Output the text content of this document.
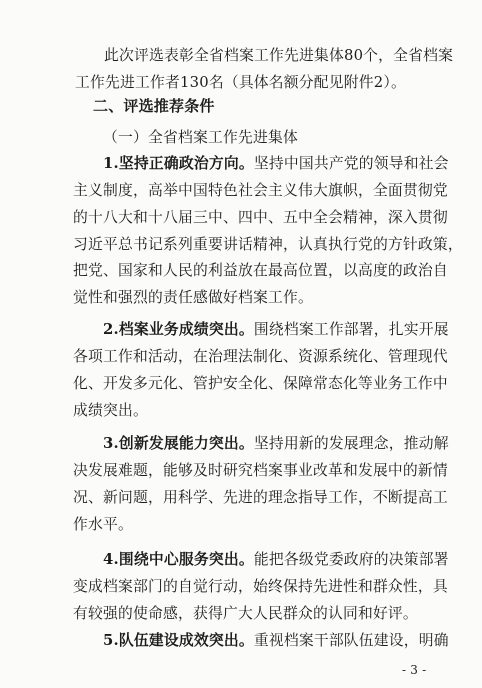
此次评选表彰全省档案工作先进集体80个，全省档案
工作先进工作者130名（具体名额分配见附件2）。
二、评选推荐条件
（一）全省档案工作先进集体
1.坚持正确政治方向。坚持中国共产党的领导和社会
主义制度，高举中国特色社会主义伟大旗帜，全面贯彻党
的十八大和十八届三中、四中、五中全会精神，深入贯彻
习近平总书记系列重要讲话精神，认真执行党的方针政策，
把党、国家和人民的利益放在最高位置，以高度的政治自
觉性和强烈的责任感做好档案工作。
2.档案业务成绩突出。围绕档案工作部署，扎实开展
各项工作和活动，在治理法制化、资源系统化、管理现代
化、开发多元化、管护安全化、保障常态化等业务工作中
成绩突出。
3.创新发展能力突出。坚持用新的发展理念，推动解
决发展难题，能够及时研究档案事业改革和发展中的新情
况、新问题，用科学、先进的理念指导工作，不断提高工
作水平。
4.围绕中心服务突出。能把各级党委政府的决策部署
变成档案部门的自觉行动，始终保持先进性和群众性，具
有较强的使命感，获得广大人民群众的认同和好评。
5.队伍建设成效突出。重视档案干部队伍建设，明确
- 3 -
